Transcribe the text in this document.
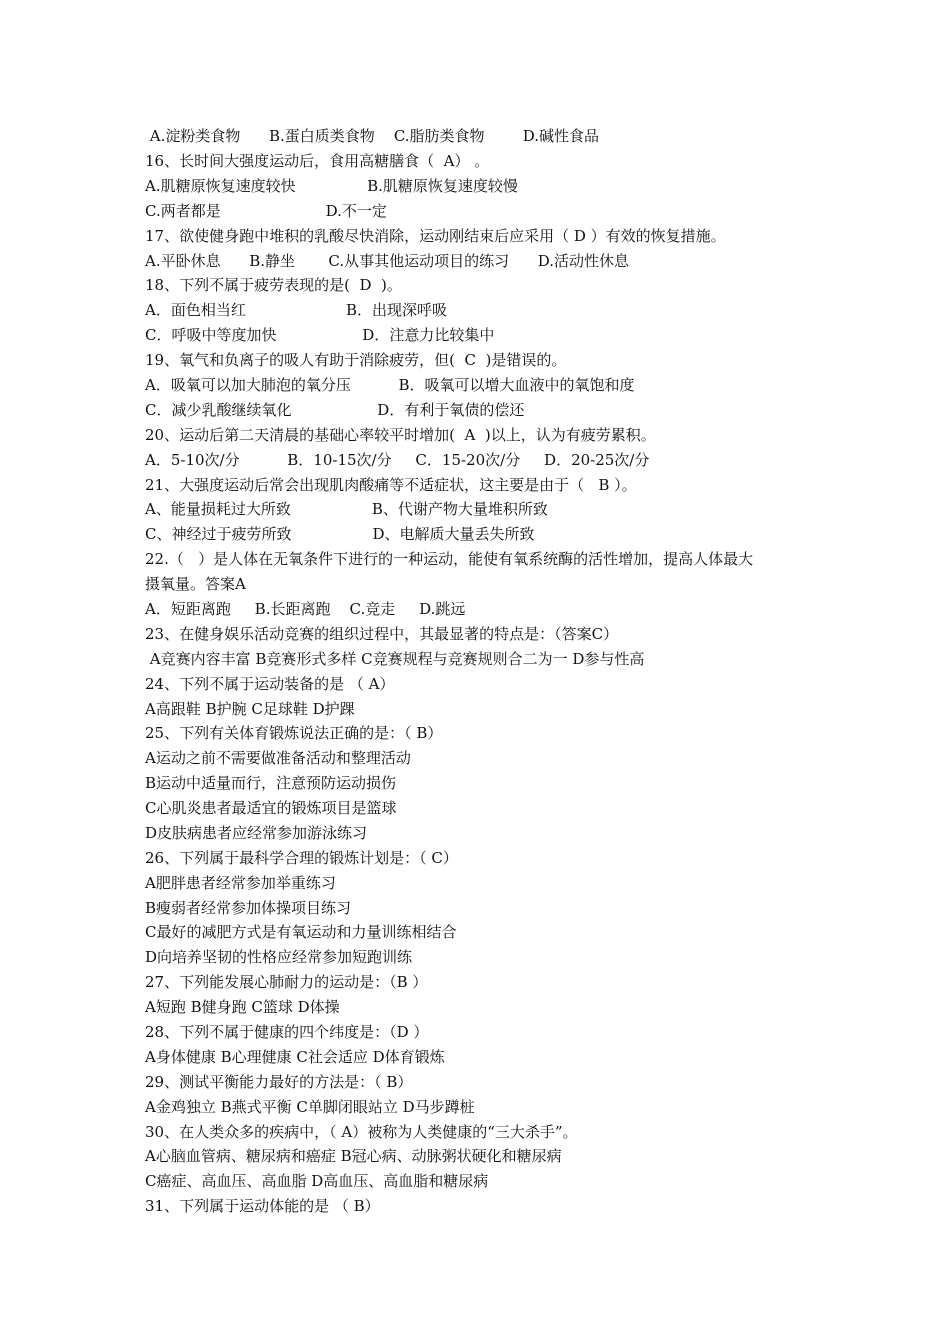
A.淀粉类食物      B.蛋白质类食物    C.脂肪类食物        D.碱性食品
16、长时间大强度运动后，食用高糖膳食（  A） 。
A.肌糖原恢复速度较快               B.肌糖原恢复速度较慢
C.两者都是                      D.不一定
17、欲使健身跑中堆积的乳酸尽快消除，运动刚结束后应采用（ D ）有效的恢复措施。
A.平卧休息      B.静坐       C.从事其他运动项目的练习      D.活动性休息
18、下列不属于疲劳表现的是(  D  )。
A．面色相当红                     B．出现深呼吸
C．呼吸中等度加快                  D．注意力比较集中
19、氧气和负离子的吸人有助于消除疲劳，但(  C  )是错误的。
A．吸氧可以加大肺泡的氧分压          B．吸氧可以增大血液中的氧饱和度
C．减少乳酸继续氧化                  D．有利于氧债的偿还
20、运动后第二天清晨的基础心率较平时增加(  A  )以上，认为有疲劳累积。
A．5-10次/分          B．10-15次/分     C．15-20次/分     D．20-25次/分
21、大强度运动后常会出现肌肉酸痛等不适症状，这主要是由于（   B ）。
A、能量损耗过大所致                 B、代谢产物大量堆积所致
C、神经过于疲劳所致                 D、电解质大量丢失所致
22.（   ）是人体在无氧条件下进行的一种运动，能使有氧系统酶的活性增加，提高人体最大
摄氧量。答案A
A．短距离跑     B.长距离跑    C.竞走     D.跳远
23、在健身娱乐活动竞赛的组织过程中，其最显著的特点是：（答案C）
A竞赛内容丰富 B竞赛形式多样 C竞赛规程与竞赛规则合二为一 D参与性高
24、下列不属于运动装备的是 （ A）
A高跟鞋 B护腕 C足球鞋 D护踝
25、下列有关体育锻炼说法正确的是：（ B）
A运动之前不需要做准备活动和整理活动
B运动中适量而行，注意预防运动损伤
C心肌炎患者最适宜的锻炼项目是篮球
D皮肤病患者应经常参加游泳练习
26、下列属于最科学合理的锻炼计划是：（ C）
A肥胖患者经常参加举重练习
B瘦弱者经常参加体操项目练习
C最好的减肥方式是有氧运动和力量训练相结合
D向培养坚韧的性格应经常参加短跑训练
27、下列能发展心肺耐力的运动是：（B ）
A短跑 B健身跑 C篮球 D体操
28、下列不属于健康的四个纬度是：（D ）
A身体健康 B心理健康 C社会适应 D体育锻炼
29、测试平衡能力最好的方法是：（ B）
A金鸡独立 B燕式平衡 C单脚闭眼站立 D马步蹲桩
30、在人类众多的疾病中，（ A）被称为人类健康的“三大杀手”。
A心脑血管病、糖尿病和癌症 B冠心病、动脉粥状硬化和糖尿病
C癌症、高血压、高血脂 D高血压、高血脂和糖尿病
31、下列属于运动体能的是 （ B）
